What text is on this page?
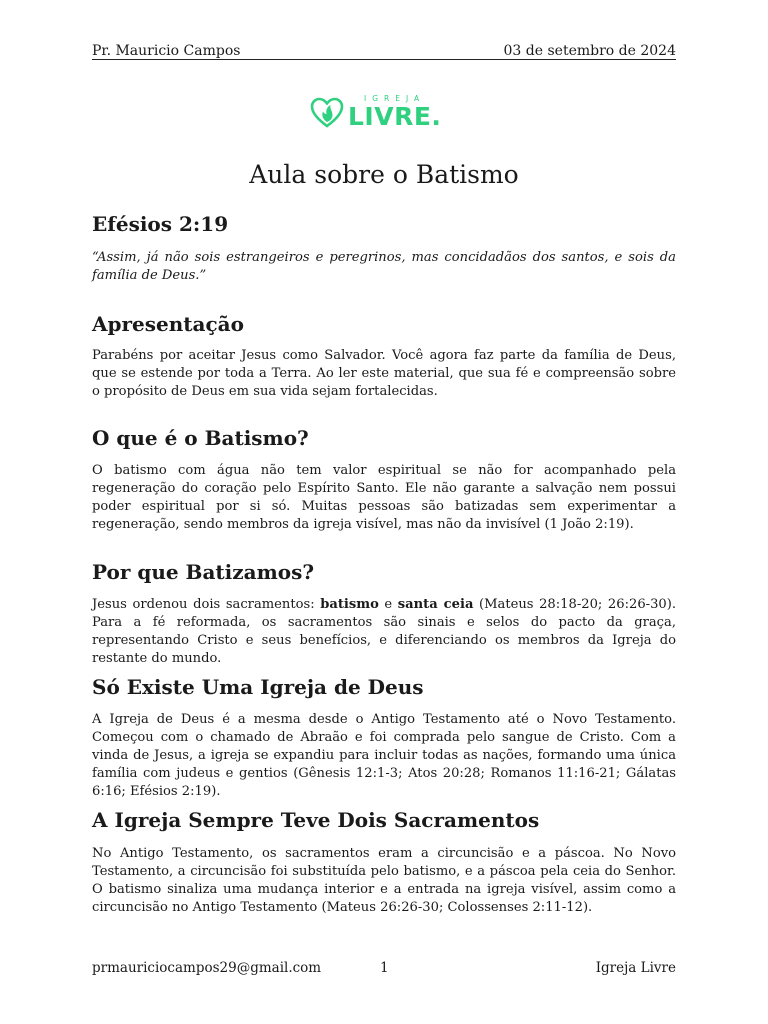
Pr. Mauricio Campos	03 de setembro de 2024
IGREJA
LIVRE.
Aula sobre o Batismo
Efésios 2:19

“Assim, já não sois estrangeiros e peregrinos, mas concidadãos dos santos, e sois da família de Deus.”

Apresentação

Parabéns por aceitar Jesus como Salvador. Você agora faz parte da família de Deus, que se estende por toda a Terra. Ao ler este material, que sua fé e compreensão sobre o propósito de Deus em sua vida sejam fortalecidas.

O que é o Batismo?

O batismo com água não tem valor espiritual se não for acompanhado pela regeneração do coração pelo Espírito Santo. Ele não garante a salvação nem possui poder espiritual por si só. Muitas pessoas são batizadas sem experimentar a regeneração, sendo membros da igreja visível, mas não da invisível (1 João 2:19).

Por que Batizamos?

Jesus ordenou dois sacramentos: batismo e santa ceia (Mateus 28:18-20; 26:26-30). Para a fé reformada, os sacramentos são sinais e selos do pacto da graça, representando Cristo e seus benefícios, e diferenciando os membros da Igreja do restante do mundo.

Só Existe Uma Igreja de Deus

A Igreja de Deus é a mesma desde o Antigo Testamento até o Novo Testamento. Começou com o chamado de Abraão e foi comprada pelo sangue de Cristo. Com a vinda de Jesus, a igreja se expandiu para incluir todas as nações, formando uma única família com judeus e gentios (Gênesis 12:1-3; Atos 20:28; Romanos 11:16-21; Gálatas 6:16; Efésios 2:19).

A Igreja Sempre Teve Dois Sacramentos

No Antigo Testamento, os sacramentos eram a circuncisão e a páscoa. No Novo Testamento, a circuncisão foi substituída pelo batismo, e a páscoa pela ceia do Senhor. O batismo sinaliza uma mudança interior e a entrada na igreja visível, assim como a circuncisão no Antigo Testamento (Mateus 26:26-30; Colossenses 2:11-12).

prmauriciocampos29@gmail.com	1	Igreja Livre
